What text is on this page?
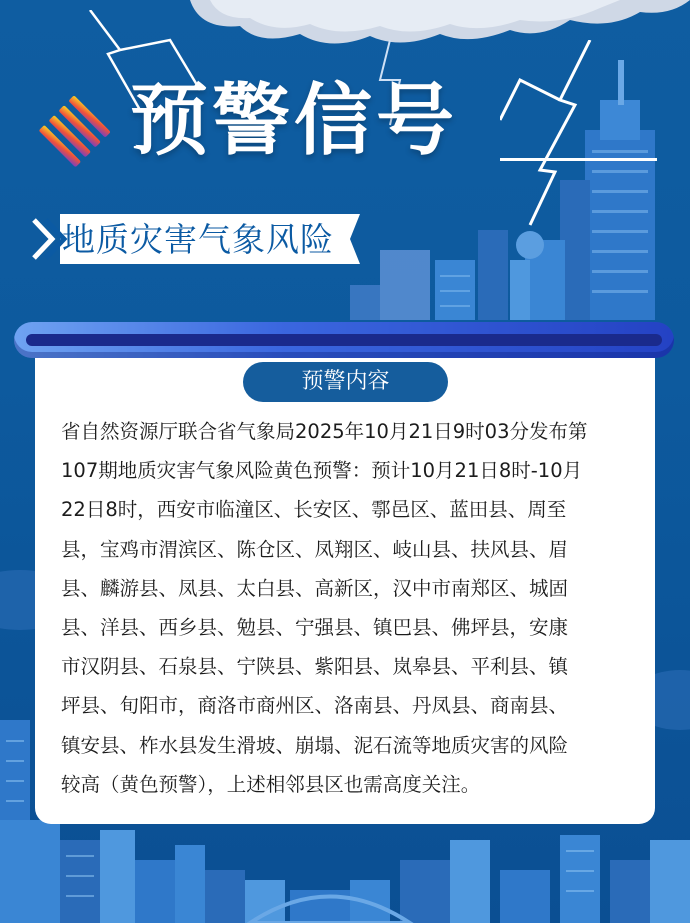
预警信号
地质灾害气象风险
预警内容
省自然资源厅联合省气象局2025年10月21日9时03分发布第
107期地质灾害气象风险黄色预警：预计10月21日8时-10月
22日8时，西安市临潼区、长安区、鄠邑区、蓝田县、周至
县，宝鸡市渭滨区、陈仓区、凤翔区、岐山县、扶风县、眉
县、麟游县、凤县、太白县、高新区，汉中市南郑区、城固
县、洋县、西乡县、勉县、宁强县、镇巴县、佛坪县，安康
市汉阴县、石泉县、宁陕县、紫阳县、岚皋县、平利县、镇
坪县、旬阳市，商洛市商州区、洛南县、丹凤县、商南县、
镇安县、柞水县发生滑坡、崩塌、泥石流等地质灾害的风险
较高（黄色预警），上述相邻县区也需高度关注。
